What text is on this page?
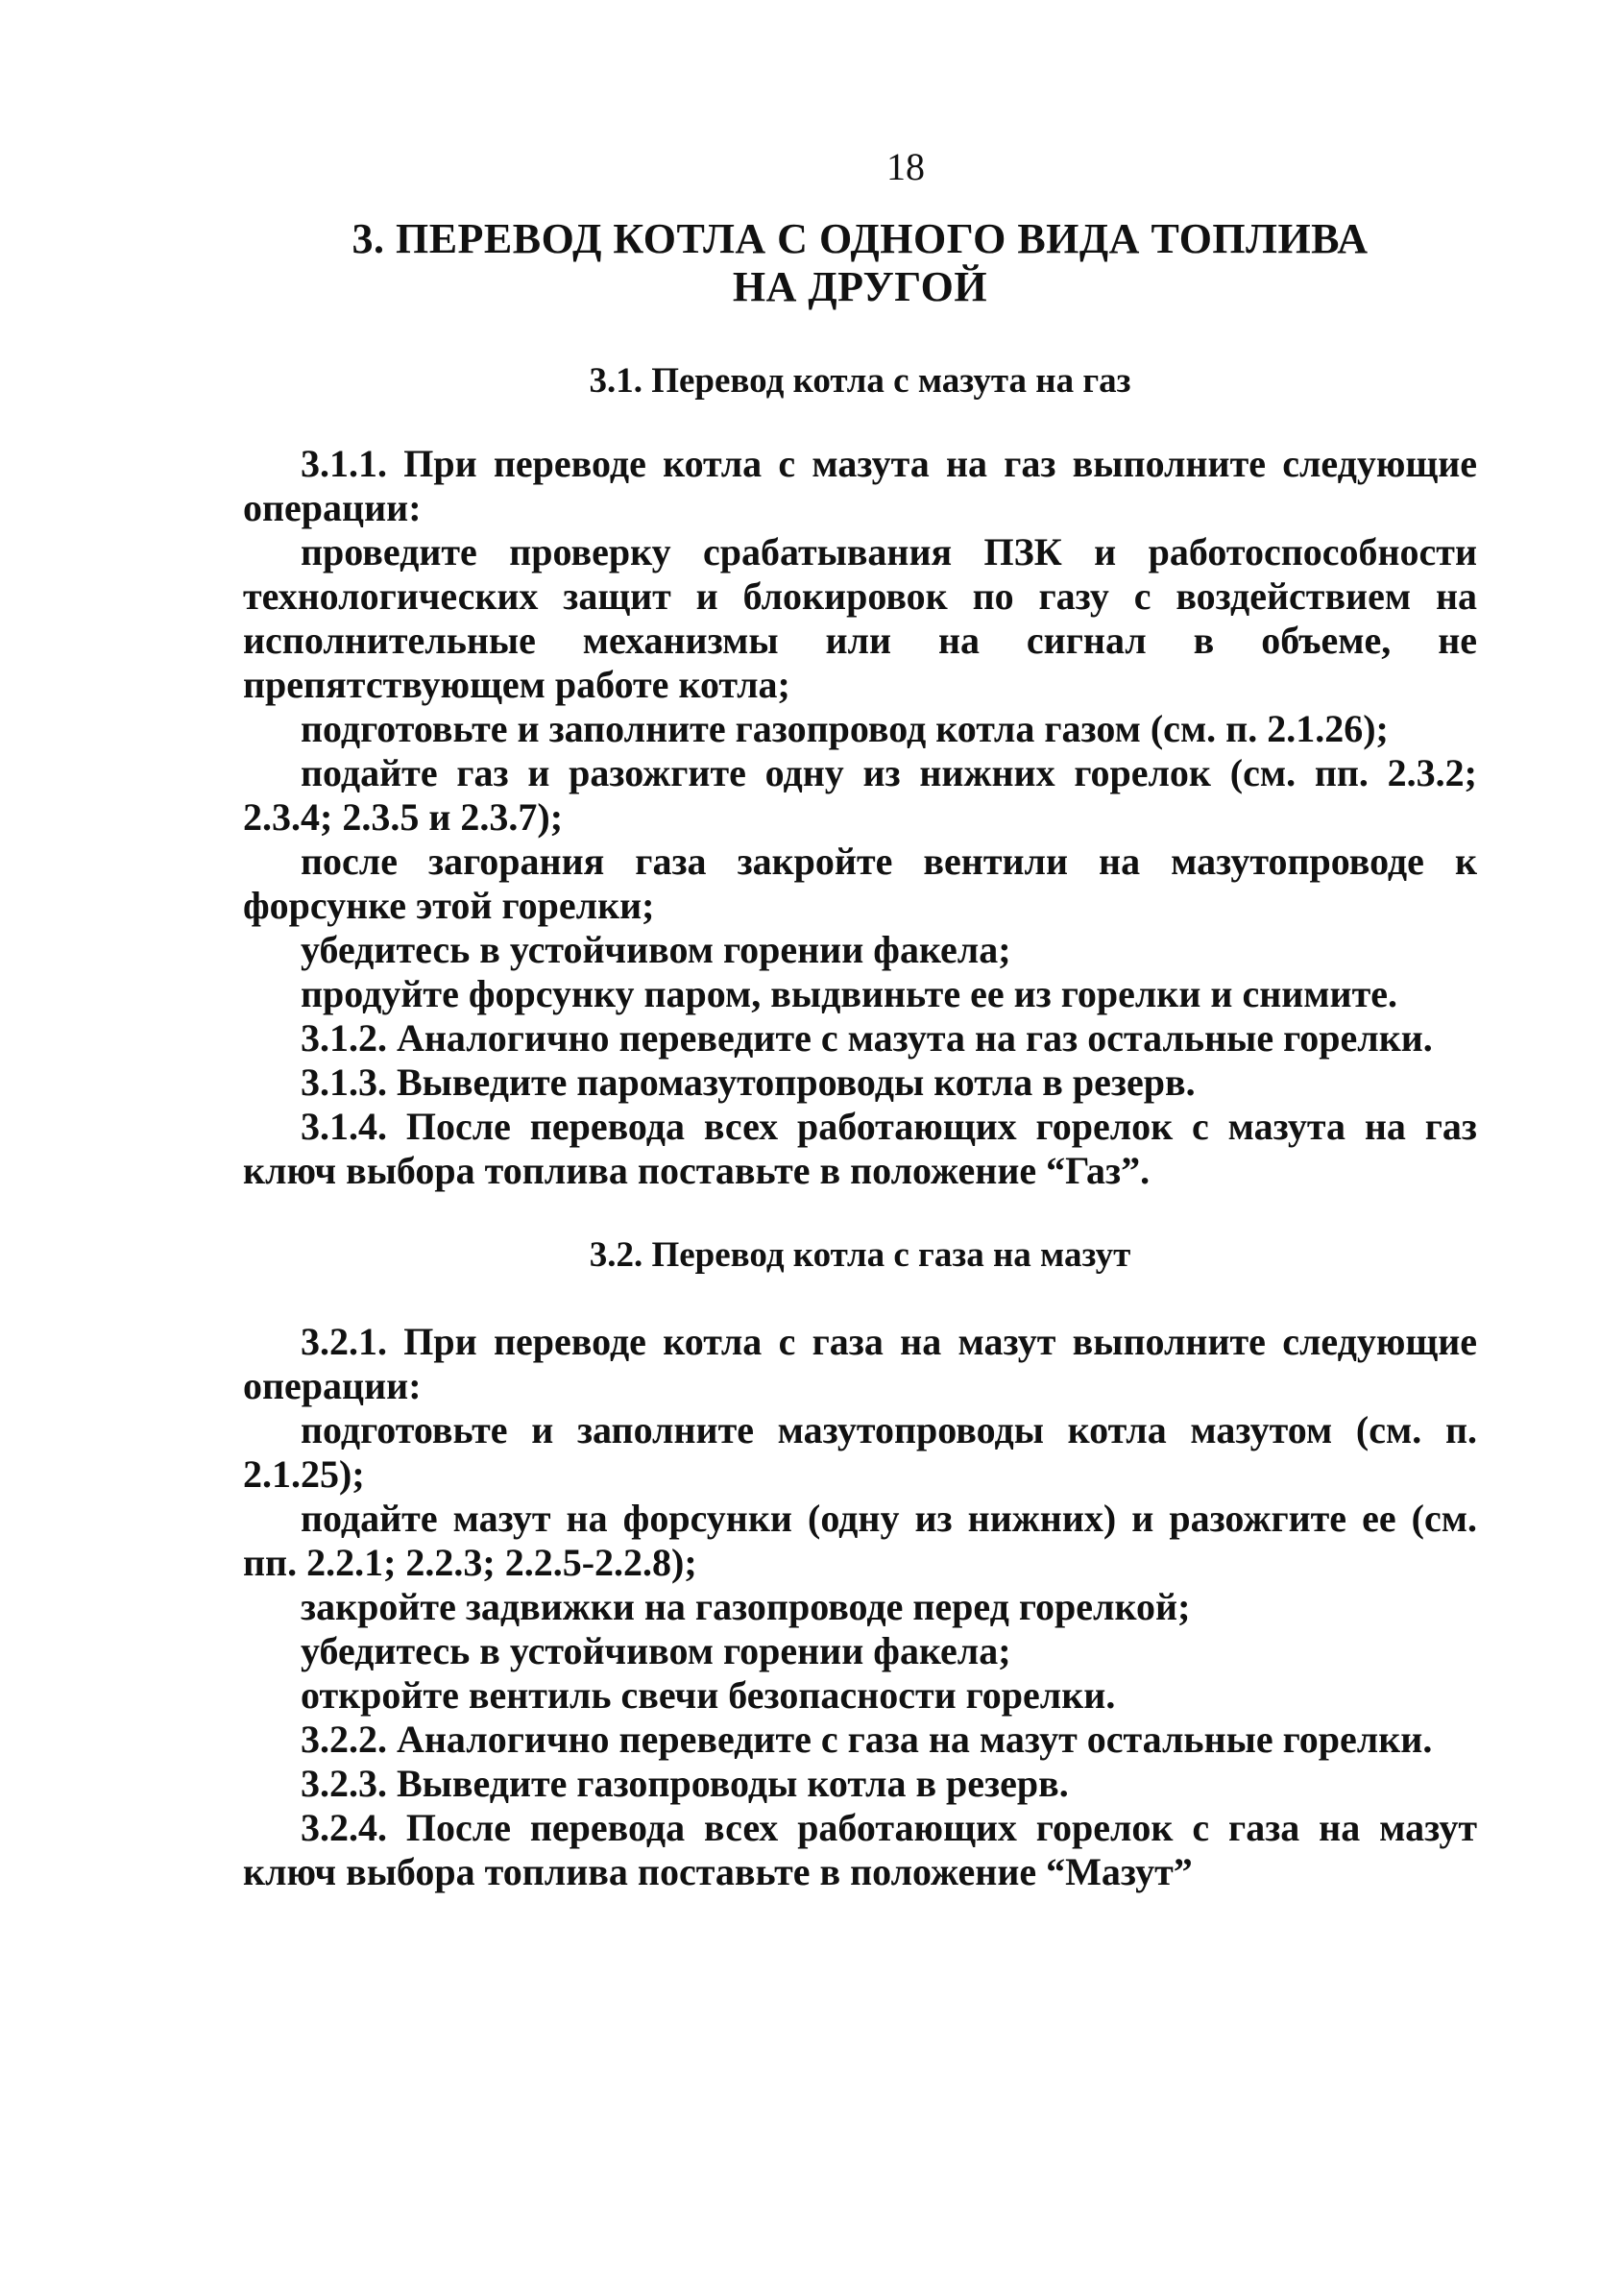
18
3. ПЕРЕВОД КОТЛА С ОДНОГО ВИДА ТОПЛИВА
НА ДРУГОЙ
3.1. Перевод котла с мазута на газ

3.1.1. При переводе котла с мазута на газ выполните следующие операции:

проведите проверку срабатывания ПЗК и работоспособности технологических защит и блокировок по газу с воздействием на исполнительные механизмы или на сигнал в объеме, не препятствующем работе котла;

подготовьте и заполните газопровод котла газом (см. п. 2.1.26);

подайте газ и разожгите одну из нижних горелок (см. пп. 2.3.2; 2.3.4; 2.3.5 и 2.3.7);

после загорания газа закройте вентили на мазутопроводе к форсунке этой горелки;

убедитесь в устойчивом горении факела;

продуйте форсунку паром, выдвиньте ее из горелки и снимите.

3.1.2. Аналогично переведите с мазута на газ остальные горелки.

3.1.3. Выведите паромазутопроводы котла в резерв.

3.1.4. После перевода всех работающих горелок с мазута на газ ключ выбора топлива поставьте в положение “Газ”.

3.2. Перевод котла с газа на мазут

3.2.1. При переводе котла с газа на мазут выполните следующие операции:

подготовьте и заполните мазутопроводы котла мазутом (см. п. 2.1.25);

подайте мазут на форсунки (одну из нижних) и разожгите ее (см. пп. 2.2.1; 2.2.3; 2.2.5-2.2.8);

закройте задвижки на газопроводе перед горелкой;

убедитесь в устойчивом горении факела;

откройте вентиль свечи безопасности горелки.

3.2.2. Аналогично переведите с газа на мазут остальные горелки.

3.2.3. Выведите газопроводы котла в резерв.

3.2.4. После перевода всех работающих горелок с газа на мазут ключ выбора топлива поставьте в положение “Мазут”
